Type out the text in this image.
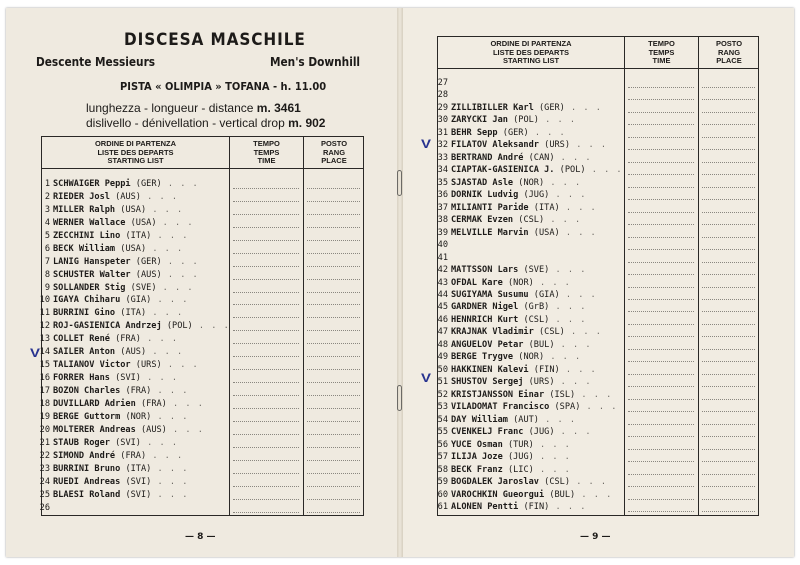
DISCESA MASCHILE
Descente Messieurs	Men's Downhill
PISTA « OLIMPIA » TOFANA - h. 11.00
lunghezza - longueur - distance m. 3461
dislivello - dénivellation - vertical drop m. 902
ORDINE DI PARTENZA
LISTE DES DEPARTS
STARTING LIST
TEMPO
TEMPS
TIME
POSTO
RANG
PLACE
1 SCHWAIGER Peppi (GER) . . .
2 RIEDER Josl (AUS) . . .
3 MILLER Ralph (USA) . . .
4 WERNER Wallace (USA) . . .
5 ZECCHINI Lino (ITA) . . .
6 BECK William (USA) . . .
7 LANIG Hanspeter (GER) . . .
8 SCHUSTER Walter (AUS) . . .
9 SOLLANDER Stig (SVE) . . .
10 IGAYA Chiharu (GIA) . . .
11 BURRINI Gino (ITA) . . .
12 ROJ-GASIENICA Andrzej (POL) . . .
13 COLLET René (FRA) . . .
14 SAILER Anton (AUS) . . .
15 TALIANOV Victor (URS) . . .
16 FORRER Hans (SVI) . . .
17 BOZON Charles (FRA) . . .
18 DUVILLARD Adrien (FRA) . . .
19 BERGE Guttorm (NOR) . . .
20 MOLTERER Andreas (AUS) . . .
21 STAUB Roger (SVI) . . .
22 SIMOND André (FRA) . . .
23 BURRINI Bruno (ITA) . . .
24 RUEDI Andreas (SVI) . . .
25 BLAESI Roland (SVI) . . .
26
— 8 —
ORDINE DI PARTENZA
LISTE DES DEPARTS
STARTING LIST
TEMPO
TEMPS
TIME
POSTO
RANG
PLACE
27
28
29 ZILLIBILLER Karl (GER) . . .
30 ZARYCKI Jan (POL) . . .
31 BEHR Sepp (GER) . . .
32 FILATOV Aleksandr (URS) . . .
33 BERTRAND André (CAN) . . .
34 CIAPTAK-GASIENICA J. (POL) . . .
35 SJASTAD Asle (NOR) . . .
36 DORNIK Ludvig (JUG) . . .
37 MILIANTI Paride (ITA) . . .
38 CERMAK Evzen (CSL) . . .
39 MELVILLE Marvin (USA) . . .
40
41
42 MATTSSON Lars (SVE) . . .
43 OFDAL Kare (NOR) . . .
44 SUGIYAMA Susumu (GIA) . . .
45 GARDNER Nigel (GrB) . . .
46 HENNRICH Kurt (CSL) . . .
47 KRAJNAK Vladimir (CSL) . . .
48 ANGUELOV Petar (BUL) . . .
49 BERGE Trygve (NOR) . . .
50 HAKKINEN Kalevi (FIN) . . .
51 SHUSTOV Sergej (URS) . . .
52 KRISTJANSSON Einar (ISL) . . .
53 VILADOMAT Francisco (SPA) . . .
54 DAY William (AUT) . . .
55 CVENKELJ Franc (JUG) . . .
56 YUCE Osman (TUR) . . .
57 ILIJA Joze (JUG) . . .
58 BECK Franz (LIC) . . .
59 BOGDALEK Jaroslav (CSL) . . .
60 VAROCHKIN Gueorgui (BUL) . . .
61 ALONEN Pentti (FIN) . . .
— 9 —
V
V
V
